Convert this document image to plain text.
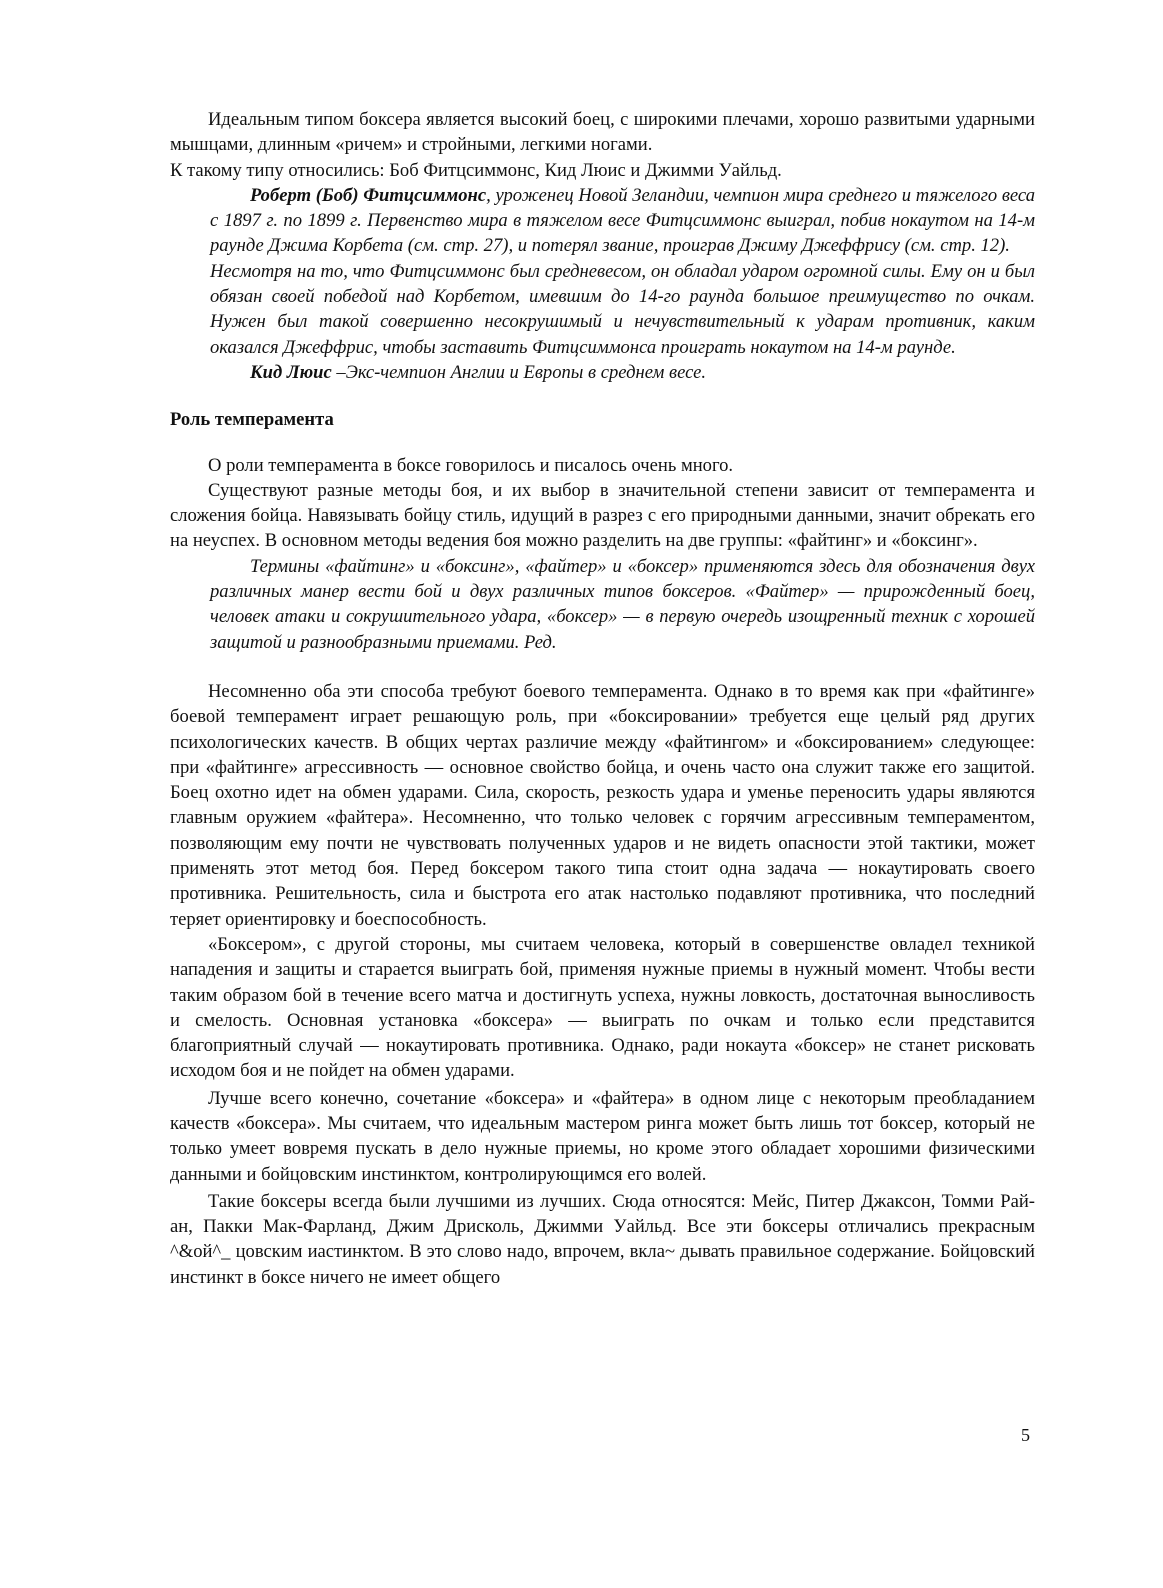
Идеальным типом боксера является высокий боец, с широкими плечами, хорошо развитыми ударными мышцами, длинным «ричем» и стройными, легкими ногами.

К такому типу относились: Боб Фитцсиммонс, Кид Люис и Джимми Уайльд.

Роберт (Боб) Фитцсиммонс, уроженец Новой Зеландии, чемпион мира среднего и тяжелого веса с 1897 г. по 1899 г. Первенство мира в тяжелом весе Фитцсиммонс выиграл, побив нокаутом на 14-м раунде Джима Корбета (см. стр. 27), и потерял звание, проиграв Джиму Джеффрису (см. стр. 12).

Несмотря на то, что Фитцсиммонс был средневесом, он обладал ударом огромной силы. Ему он и был обязан своей победой над Корбетом, имевшим до 14-го раунда большое преимущество по очкам. Нужен был такой совершенно несокрушимый и нечувствительный к ударам противник, каким оказался Джеффрис, чтобы заставить Фитцсиммонса проиграть нокаутом на 14-м раунде.

Кид Люис –Экс-чемпион Англии и Европы в среднем весе.

Роль темперамента

О роли темперамента в боксе говорилось и писалось очень много.

Существуют разные методы боя, и их выбор в значительной степени зависит от темперамента и сложения бойца. Навязывать бойцу стиль, идущий в разрез с его природными данными, значит обрекать его на неуспех. В основном методы ведения боя можно разделить на две группы: «файтинг» и «боксинг».

Термины «файтинг» и «боксинг», «файтер» и «боксер» применяются здесь для обозначения двух различных манер вести бой и двух различных типов боксеров. «Файтер» — прирожденный боец, человек атаки и сокрушительного удара, «боксер» — в первую очередь изощренный техник с хорошей защитой и разнообразными приемами. Ред.

Несомненно оба эти способа требуют боевого темперамента. Однако в то время как при «файтинге» боевой темперамент играет решающую роль, при «боксировании» требуется еще целый ряд других психологических качеств. В общих чертах различие между «файтингом» и «боксированием» следующее: при «файтинге» агрессивность — основное свойство бойца, и очень часто она служит также его защитой. Боец охотно идет на обмен ударами. Сила, скорость, резкость удара и уменье переносить удары являются главным оружием «файтера». Несомненно, что только человек с горячим агрессивным темпераментом, позволяющим ему почти не чувствовать полученных ударов и не видеть опасности этой тактики, может применять этот метод боя. Перед боксером такого типа стоит одна задача — нокаутировать своего противника. Решительность, сила и быстрота его атак настолько подавляют противника, что последний теряет ориентировку и боеспособность.

«Боксером», с другой стороны, мы считаем человека, который в совершенстве овладел техникой нападения и защиты и старается выиграть бой, применяя нужные приемы в нужный момент. Чтобы вести таким образом бой в течение всего матча и достигнуть успеха, нужны ловкость, достаточная выносливость и смелость. Основная установка «боксера» — выиграть по очкам и только если представится благоприятный случай — нокаутировать противника. Однако, ради нокаута «боксер» не станет рисковать исходом боя и не пойдет на обмен ударами.

Лучше всего конечно, сочетание «боксера» и «файтера» в одном лице с некоторым преобладанием качеств «боксера». Мы считаем, что идеальным мастером ринга может быть лишь тот боксер, который не только умеет вовремя пускать в дело нужные приемы, но кроме этого обладает хорошими физическими данными и бойцовским инстинктом, контролирующимся его волей.

Такие боксеры всегда были лучшими из лучших. Сюда относятся: Мейс, Питер Джаксон, Томми Рай-ан, Пакки Мак-Фарланд, Джим Дрисколь, Джимми Уайльд. Все эти боксеры отличались прекрасным ^&ой^_ цовским иастинктом. В это слово надо, впрочем, вкла~ дывать правильное содержание. Бойцовский инстинкт в боксе ничего не имеет общего

5
